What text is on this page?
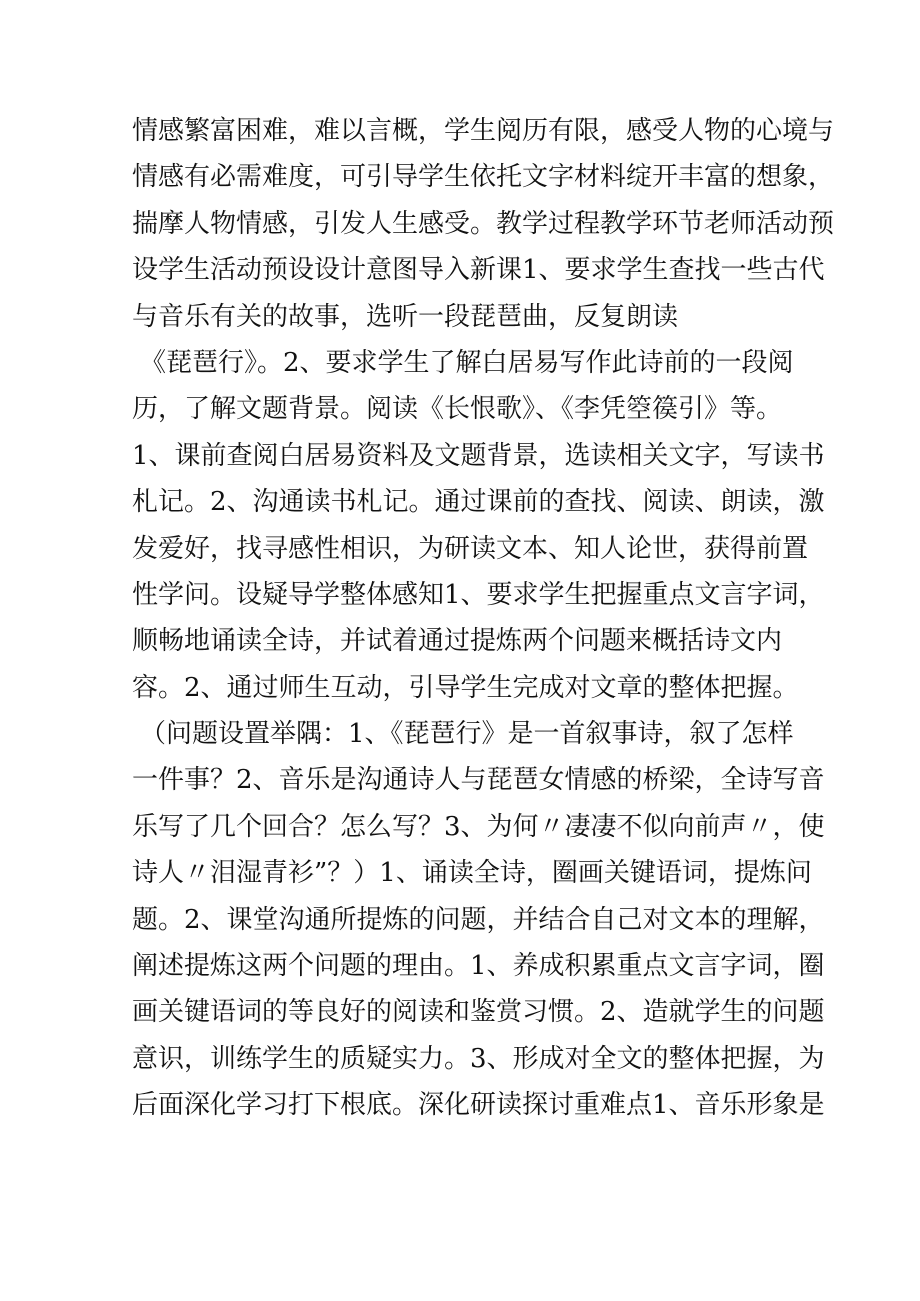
情感繁富困难，难以言概，学生阅历有限，感受人物的心境与
情感有必需难度，可引导学生依托文字材料绽开丰富的想象，
揣摩人物情感，引发人生感受。教学过程教学环节老师活动预
设学生活动预设设计意图导入新课1、要求学生查找一些古代
与音乐有关的故事，选听一段琵琶曲，反复朗读
《琵琶行》。2、要求学生了解白居易写作此诗前的一段阅
历，了解文题背景。阅读《长恨歌》、《李凭箜篌引》等。
1、课前查阅白居易资料及文题背景，选读相关文字，写读书
札记。2、沟通读书札记。通过课前的查找、阅读、朗读，激
发爱好，找寻感性相识，为研读文本、知人论世，获得前置
性学问。设疑导学整体感知1、要求学生把握重点文言字词，
顺畅地诵读全诗，并试着通过提炼两个问题来概括诗文内
容。2、通过师生互动，引导学生完成对文章的整体把握。
（问题设置举隅：1、《琵琶行》是一首叙事诗，叙了怎样
一件事？2、音乐是沟通诗人与琵琶女情感的桥梁，全诗写音
乐写了几个回合？怎么写？3、为何〃凄凄不似向前声〃，使
诗人〃泪湿青衫”？）1、诵读全诗，圈画关键语词，提炼问
题。2、课堂沟通所提炼的问题，并结合自己对文本的理解，
阐述提炼这两个问题的理由。1、养成积累重点文言字词，圈
画关键语词的等良好的阅读和鉴赏习惯。2、造就学生的问题
意识，训练学生的质疑实力。3、形成对全文的整体把握，为
后面深化学习打下根底。深化研读探讨重难点1、音乐形象是
